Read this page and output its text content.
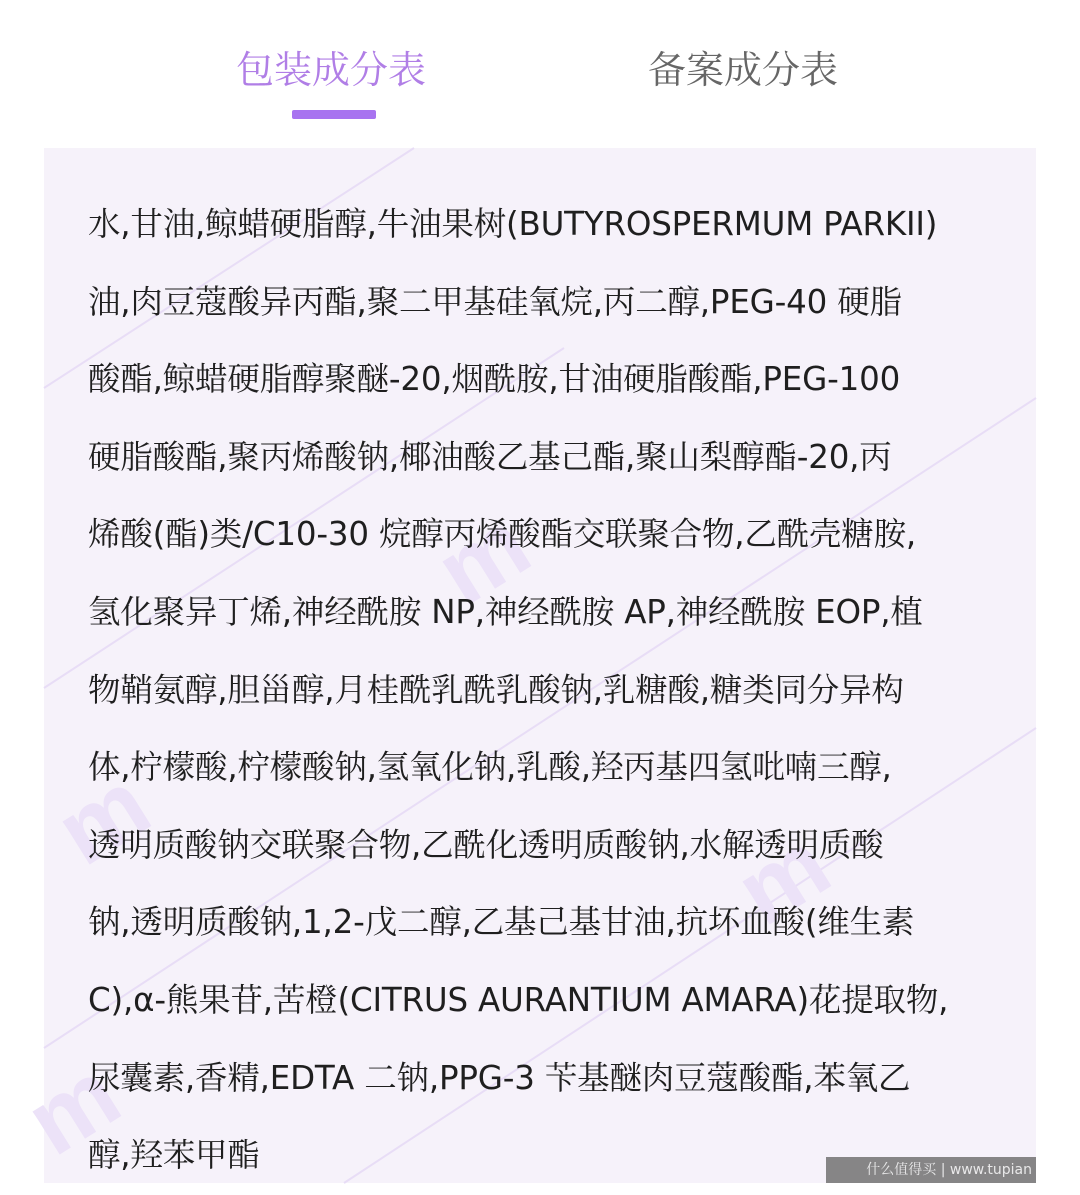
包装成分表	备案成分表
m
m
m
m
水,甘油,鲸蜡硬脂醇,牛油果树(BUTYROSPERMUM PARKII)
油,肉豆蔻酸异丙酯,聚二甲基硅氧烷,丙二醇,PEG-40 硬脂
酸酯,鲸蜡硬脂醇聚醚-20,烟酰胺,甘油硬脂酸酯,PEG-100
硬脂酸酯,聚丙烯酸钠,椰油酸乙基己酯,聚山梨醇酯-20,丙
烯酸(酯)类/C10-30 烷醇丙烯酸酯交联聚合物,乙酰壳糖胺,
氢化聚异丁烯,神经酰胺 NP,神经酰胺 AP,神经酰胺 EOP,植
物鞘氨醇,胆甾醇,月桂酰乳酰乳酸钠,乳糖酸,糖类同分异构
体,柠檬酸,柠檬酸钠,氢氧化钠,乳酸,羟丙基四氢吡喃三醇,
透明质酸钠交联聚合物,乙酰化透明质酸钠,水解透明质酸
钠,透明质酸钠,1,2-戊二醇,乙基己基甘油,抗坏血酸(维生素
C),α-熊果苷,苦橙(CITRUS AURANTIUM AMARA)花提取物,
尿囊素,香精,EDTA 二钠,PPG-3 苄基醚肉豆蔻酸酯,苯氧乙
醇,羟苯甲酯	什么值得买 | www.tupian
